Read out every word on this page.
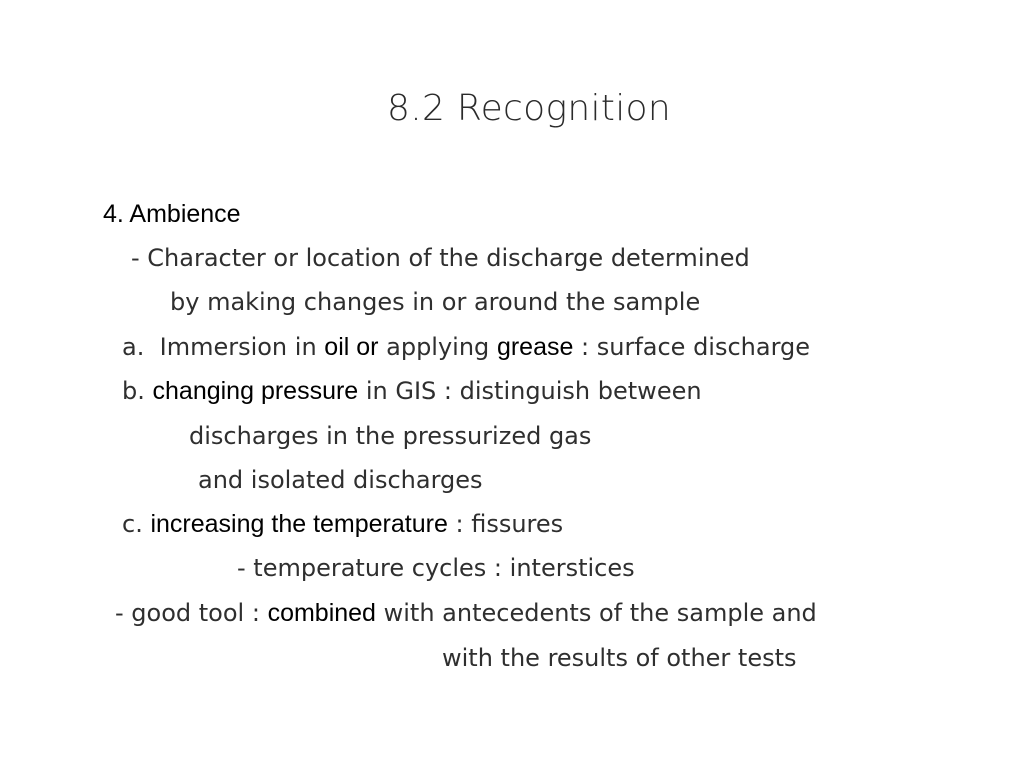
8.2 Recognition
4. Ambience
- Character or location of the discharge determined
by making changes in or around the sample
a. Immersion in oil or applying grease : surface discharge
b. changing pressure in GIS : distinguish between
discharges in the pressurized gas
and isolated discharges
c. increasing the temperature : fissures
- temperature cycles : interstices
- good tool : combined with antecedents of the sample and
with the results of other tests
